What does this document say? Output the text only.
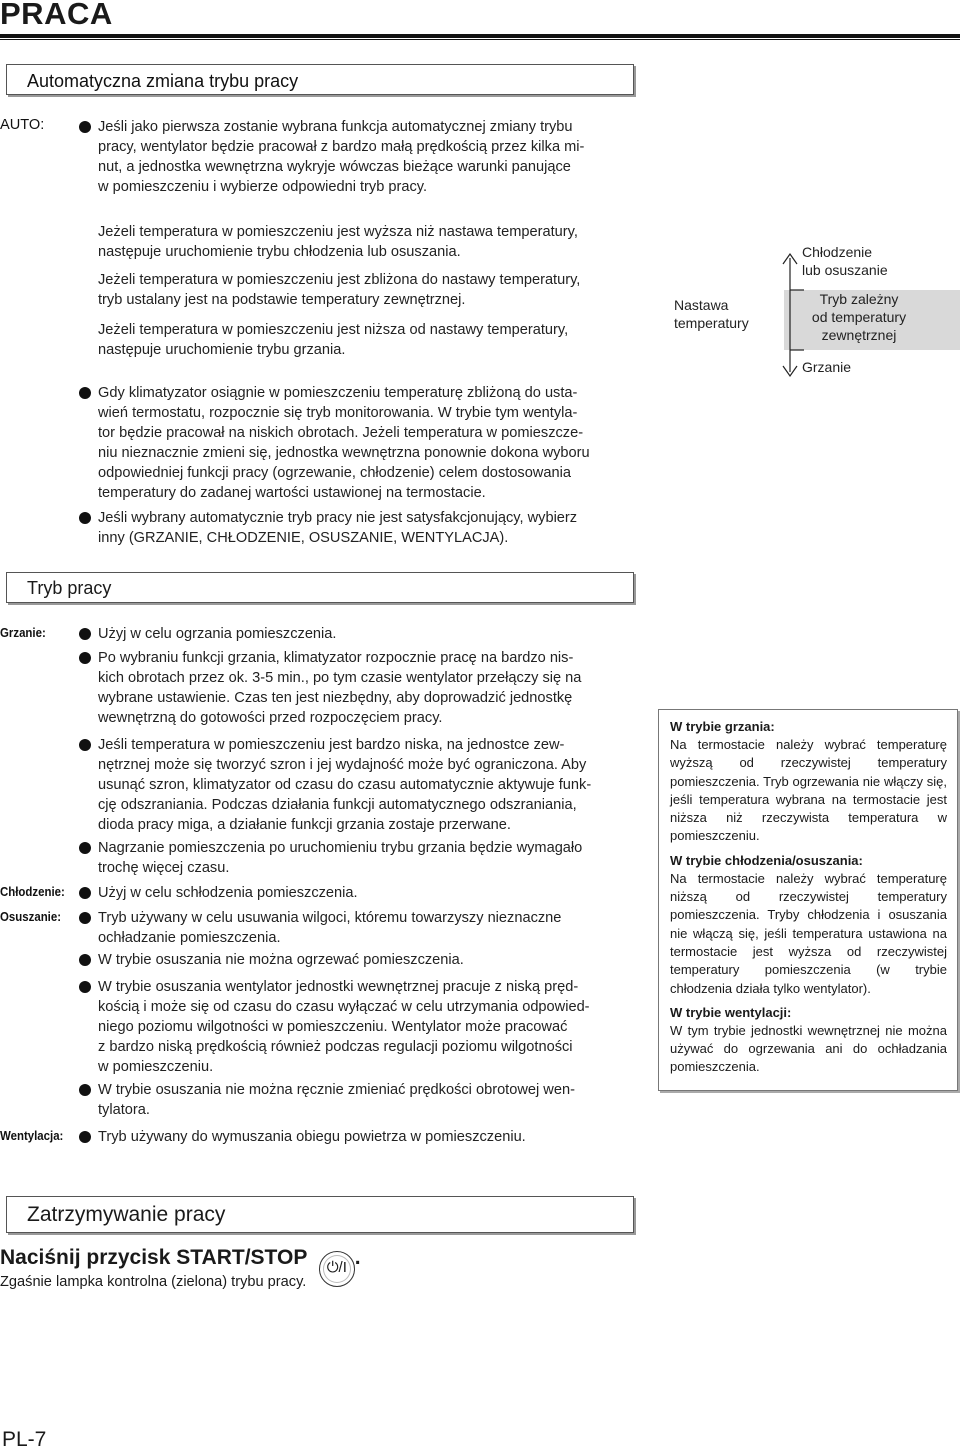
PRACA
Automatyczna zmiana trybu pracy
AUTO:	Jeśli jako pierwsza zostanie wybrana funkcja automatycznej zmiany trybu
pracy, wentylator będzie pracował z bardzo małą prędkością przez kilka mi-
nut, a jednostka wewnętrzna wykryje wówczas bieżące warunki panujące
w pomieszczeniu i wybierze odpowiedni tryb pracy.
Jeżeli temperatura w pomieszczeniu jest wyższa niż nastawa temperatury,
następuje uruchomienie trybu chłodzenia lub osuszania.
Jeżeli temperatura w pomieszczeniu jest zbliżona do nastawy temperatury,
tryb ustalany jest na podstawie temperatury zewnętrznej.
Jeżeli temperatura w pomieszczeniu jest niższa od nastawy temperatury,
następuje uruchomienie trybu grzania.
Gdy klimatyzator osiągnie w pomieszczeniu temperaturę zbliżoną do usta-
wień termostatu, rozpocznie się tryb monitorowania. W trybie tym wentyla-
tor będzie pracował na niskich obrotach. Jeżeli temperatura w pomieszcze-
niu nieznacznie zmieni się, jednostka wewnętrzna ponownie dokona wyboru
odpowiedniej funkcji pracy (ogrzewanie, chłodzenie) celem dostosowania
temperatury do zadanej wartości ustawionej na termostacie.
Jeśli wybrany automatycznie tryb pracy nie jest satysfakcjonujący, wybierz
inny (GRZANIE, CHŁODZENIE, OSUSZANIE, WENTYLACJA).
Nastawa
temperatury
Chłodzenie
lub osuszanie
Tryb zależny
od temperatury
zewnętrznej
Grzanie
Tryb pracy
Grzanie:	Użyj w celu ogrzania pomieszczenia.
Po wybraniu funkcji grzania, klimatyzator rozpocznie pracę na bardzo nis-
kich obrotach przez ok. 3-5 min., po tym czasie wentylator przełączy się na
wybrane ustawienie. Czas ten jest niezbędny, aby doprowadzić jednostkę
wewnętrzną do gotowości przed rozpoczęciem pracy.
Jeśli temperatura w pomieszczeniu jest bardzo niska, na jednostce zew-
nętrznej może się tworzyć szron i jej wydajność może być ograniczona. Aby
usunąć szron, klimatyzator od czasu do czasu automatycznie aktywuje funk-
cję odszraniania. Podczas działania funkcji automatycznego odszraniania,
dioda pracy miga, a działanie funkcji grzania zostaje przerwane.
Nagrzanie pomieszczenia po uruchomieniu trybu grzania będzie wymagało
trochę więcej czasu.
Chłodzenie: Użyj w celu schłodzenia pomieszczenia.
Osuszanie:	Tryb używany w celu usuwania wilgoci, któremu towarzyszy nieznaczne
ochładzanie pomieszczenia.
W trybie osuszania nie można ogrzewać pomieszczenia.
W trybie osuszania wentylator jednostki wewnętrznej pracuje z niską pręd-
kością i może się od czasu do czasu wyłączać w celu utrzymania odpowied-
niego poziomu wilgotności w pomieszczeniu. Wentylator może pracować
z bardzo niską prędkością również podczas regulacji poziomu wilgotności
w pomieszczeniu.
W trybie osuszania nie można ręcznie zmieniać prędkości obrotowej wen-
tylatora.
Wentylacja: Tryb używany do wymuszania obiegu powietrza w pomieszczeniu.
W trybie grzania:
Na termostacie należy wybrać temperaturę wyższą od rzeczywistej temperatury pomieszczenia. Tryb ogrzewania nie włączy się, jeśli temperatura wybrana na termostacie jest niższa niż rzeczywista temperatura w pomieszczeniu.
W trybie chłodzenia/osuszania:
Na termostacie należy wybrać temperaturę niższą od rzeczywistej temperatury pomieszczenia. Tryby chłodzenia i osuszania nie włączą się, jeśli temperatura ustawiona na termostacie jest wyższa od rzeczywistej temperatury pomieszczenia (w trybie chłodzenia działa tylko wentylator).
W trybie wentylacji:
W tym trybie jednostki wewnętrznej nie można używać do ogrzewania ani do ochładzania pomieszczenia.
Zatrzymywanie pracy
Naciśnij przycisk START/STOP ⏻/I .
Zgaśnie lampka kontrolna (zielona) trybu pracy.
PL-7
